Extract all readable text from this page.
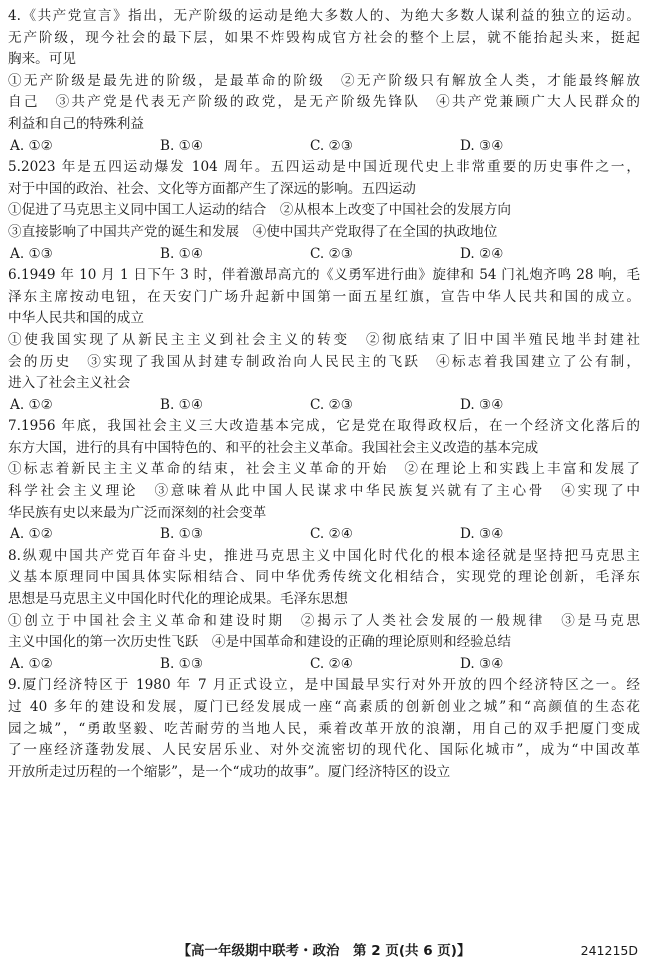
4.《共产党宣言》指出，无产阶级的运动是绝大多数人的、为绝大多数人谋利益的独立的运动。
无产阶级，现今社会的最下层，如果不炸毁构成官方社会的整个上层，就不能抬起头来，挺起
胸来。可见
①无产阶级是最先进的阶级，是最革命的阶级　②无产阶级只有解放全人类，才能最终解放
自己　③共产党是代表无产阶级的政党，是无产阶级先锋队　④共产党兼顾广大人民群众的
利益和自己的特殊利益
A. ①②	B. ①④	C. ②③	D. ③④
5.2023 年是五四运动爆发 104 周年。五四运动是中国近现代史上非常重要的历史事件之一，
对于中国的政治、社会、文化等方面都产生了深远的影响。五四运动
①促进了马克思主义同中国工人运动的结合　②从根本上改变了中国社会的发展方向
③直接影响了中国共产党的诞生和发展　④使中国共产党取得了在全国的执政地位
A. ①③	B. ①④	C. ②③	D. ②④
6.1949 年 10 月 1 日下午 3 时，伴着激昂高亢的《义勇军进行曲》旋律和 54 门礼炮齐鸣 28 响，毛
泽东主席按动电钮，在天安门广场升起新中国第一面五星红旗，宣告中华人民共和国的成立。
中华人民共和国的成立
①使我国实现了从新民主主义到社会主义的转变　②彻底结束了旧中国半殖民地半封建社
会的历史　③实现了我国从封建专制政治向人民民主的飞跃　④标志着我国建立了公有制，
进入了社会主义社会
A. ①②	B. ①④	C. ②③	D. ③④
7.1956 年底，我国社会主义三大改造基本完成，它是党在取得政权后，在一个经济文化落后的
东方大国，进行的具有中国特色的、和平的社会主义革命。我国社会主义改造的基本完成
①标志着新民主主义革命的结束，社会主义革命的开始　②在理论上和实践上丰富和发展了
科学社会主义理论　③意味着从此中国人民谋求中华民族复兴就有了主心骨　④实现了中
华民族有史以来最为广泛而深刻的社会变革
A. ①②	B. ①③	C. ②④	D. ③④
8.纵观中国共产党百年奋斗史，推进马克思主义中国化时代化的根本途径就是坚持把马克思主
义基本原理同中国具体实际相结合、同中华优秀传统文化相结合，实现党的理论创新，毛泽东
思想是马克思主义中国化时代化的理论成果。毛泽东思想
①创立于中国社会主义革命和建设时期　②揭示了人类社会发展的一般规律　③是马克思
主义中国化的第一次历史性飞跃　④是中国革命和建设的正确的理论原则和经验总结
A. ①②	B. ①③	C. ②④	D. ③④
9.厦门经济特区于 1980 年 7 月正式设立，是中国最早实行对外开放的四个经济特区之一。经
过 40 多年的建设和发展，厦门已经发展成一座“高素质的创新创业之城”和“高颜值的生态花
园之城”，“勇敢坚毅、吃苦耐劳的当地人民，乘着改革开放的浪潮，用自己的双手把厦门变成
了一座经济蓬勃发展、人民安居乐业、对外交流密切的现代化、国际化城市”，成为“中国改革
开放所走过历程的一个缩影”，是一个“成功的故事”。厦门经济特区的设立
【高一年级期中联考・政治　第 2 页(共 6 页)】	241215D
